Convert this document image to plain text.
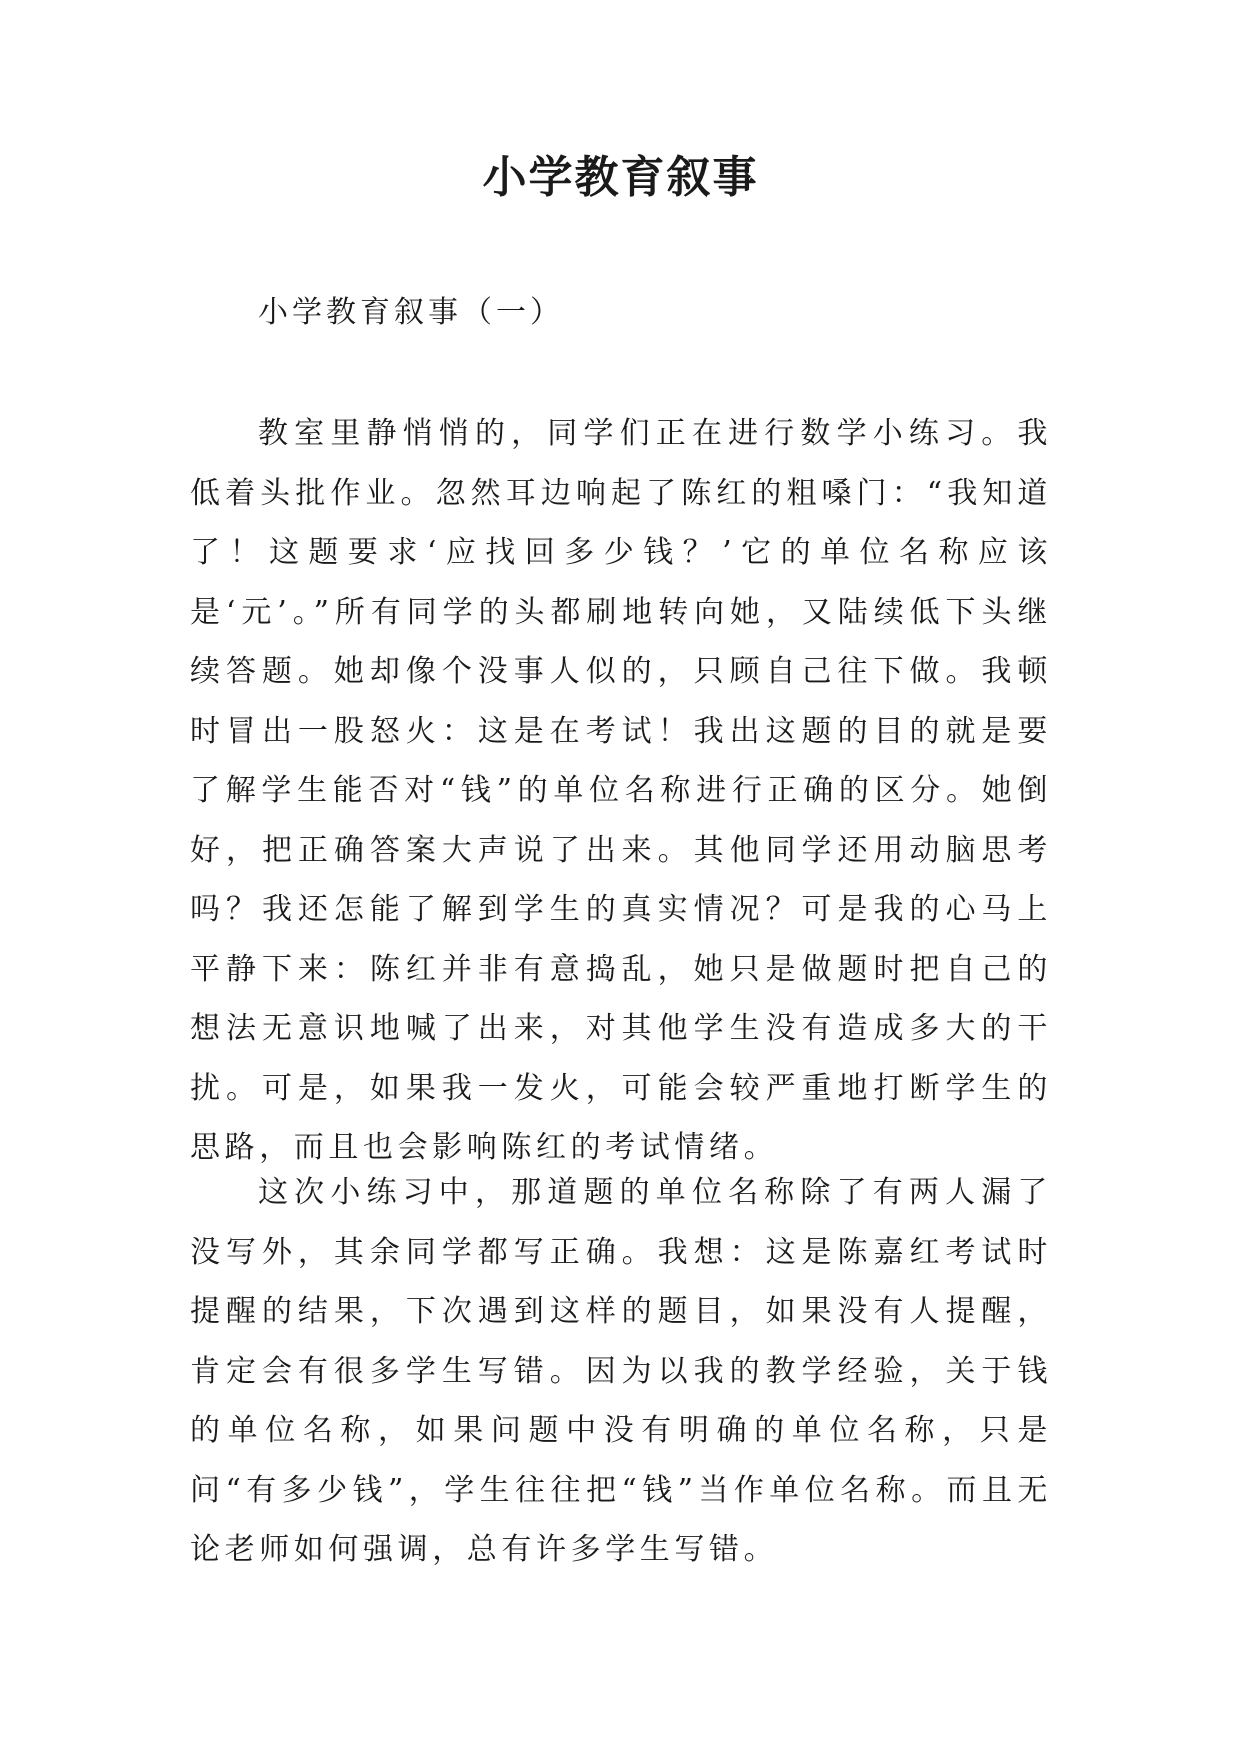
小学教育叙事

小学教育叙事（一）

教室里静悄悄的，同学们正在进行数学小练习。我低着头批作业。忽然耳边响起了陈红的粗嗓门：“我知道了！这题要求‘应找回多少钱？’它的单位名称应该是‘元’。”所有同学的头都刷地转向她，又陆续低下头继续答题。她却像个没事人似的，只顾自己往下做。我顿时冒出一股怒火：这是在考试！我出这题的目的就是要了解学生能否对“钱”的单位名称进行正确的区分。她倒好，把正确答案大声说了出来。其他同学还用动脑思考吗？我还怎能了解到学生的真实情况？可是我的心马上平静下来：陈红并非有意捣乱，她只是做题时把自己的想法无意识地喊了出来，对其他学生没有造成多大的干扰。可是，如果我一发火，可能会较严重地打断学生的思路，而且也会影响陈红的考试情绪。

这次小练习中，那道题的单位名称除了有两人漏了没写外，其余同学都写正确。我想：这是陈嘉红考试时提醒的结果，下次遇到这样的题目，如果没有人提醒，肯定会有很多学生写错。因为以我的教学经验，关于钱的单位名称，如果问题中没有明确的单位名称，只是问“有多少钱”，学生往往把“钱”当作单位名称。而且无论老师如何强调，总有许多学生写错。
